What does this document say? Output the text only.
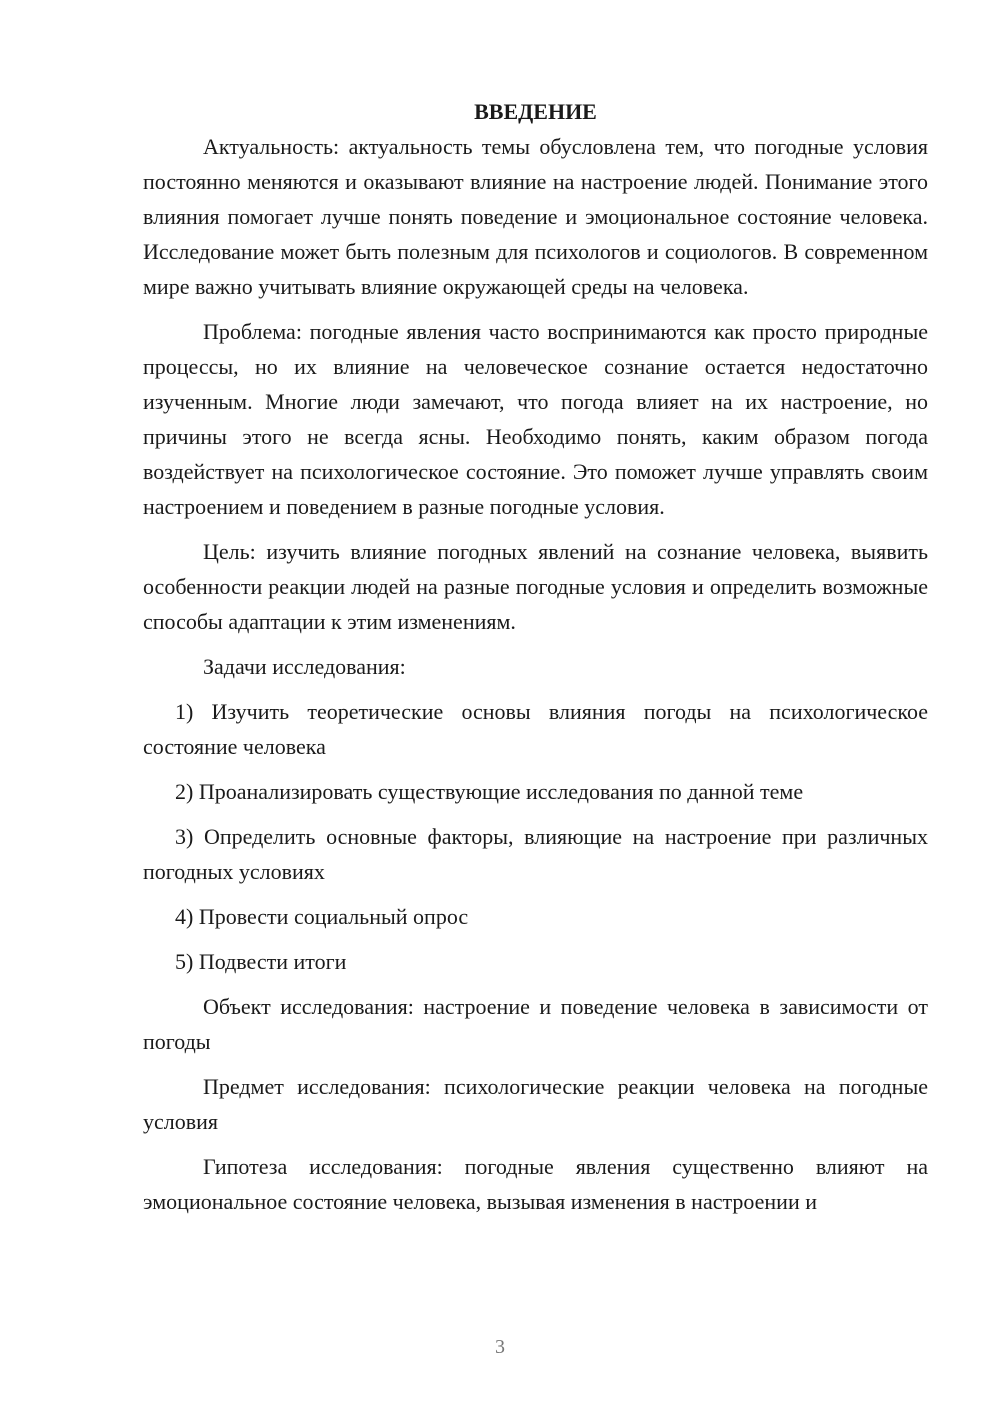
ВВЕДЕНИЕ

Актуальность: актуальность темы обусловлена тем, что погодные условия постоянно меняются и оказывают влияние на настроение людей. Понимание этого влияния помогает лучше понять поведение и эмоциональное состояние человека. Исследование может быть полезным для психологов и социологов. В современном мире важно учитывать влияние окружающей среды на человека.

Проблема: погодные явления часто воспринимаются как просто природные процессы, но их влияние на человеческое сознание остается недостаточно изученным. Многие люди замечают, что погода влияет на их настроение, но причины этого не всегда ясны. Необходимо понять, каким образом погода воздействует на психологическое состояние. Это поможет лучше управлять своим настроением и поведением в разные погодные условия.

Цель: изучить влияние погодных явлений на сознание человека, выявить особенности реакции людей на разные погодные условия и определить возможные способы адаптации к этим изменениям.

Задачи исследования:

1) Изучить теоретические основы влияния погоды на психологическое состояние человека

2) Проанализировать существующие исследования по данной теме

3) Определить основные факторы, влияющие на настроение при различных погодных условиях

4) Провести социальный опрос

5) Подвести итоги

Объект исследования: настроение и поведение человека в зависимости от погоды

Предмет исследования: психологические реакции человека на погодные условия

Гипотеза исследования: погодные явления существенно влияют на эмоциональное состояние человека, вызывая изменения в настроении и

3
